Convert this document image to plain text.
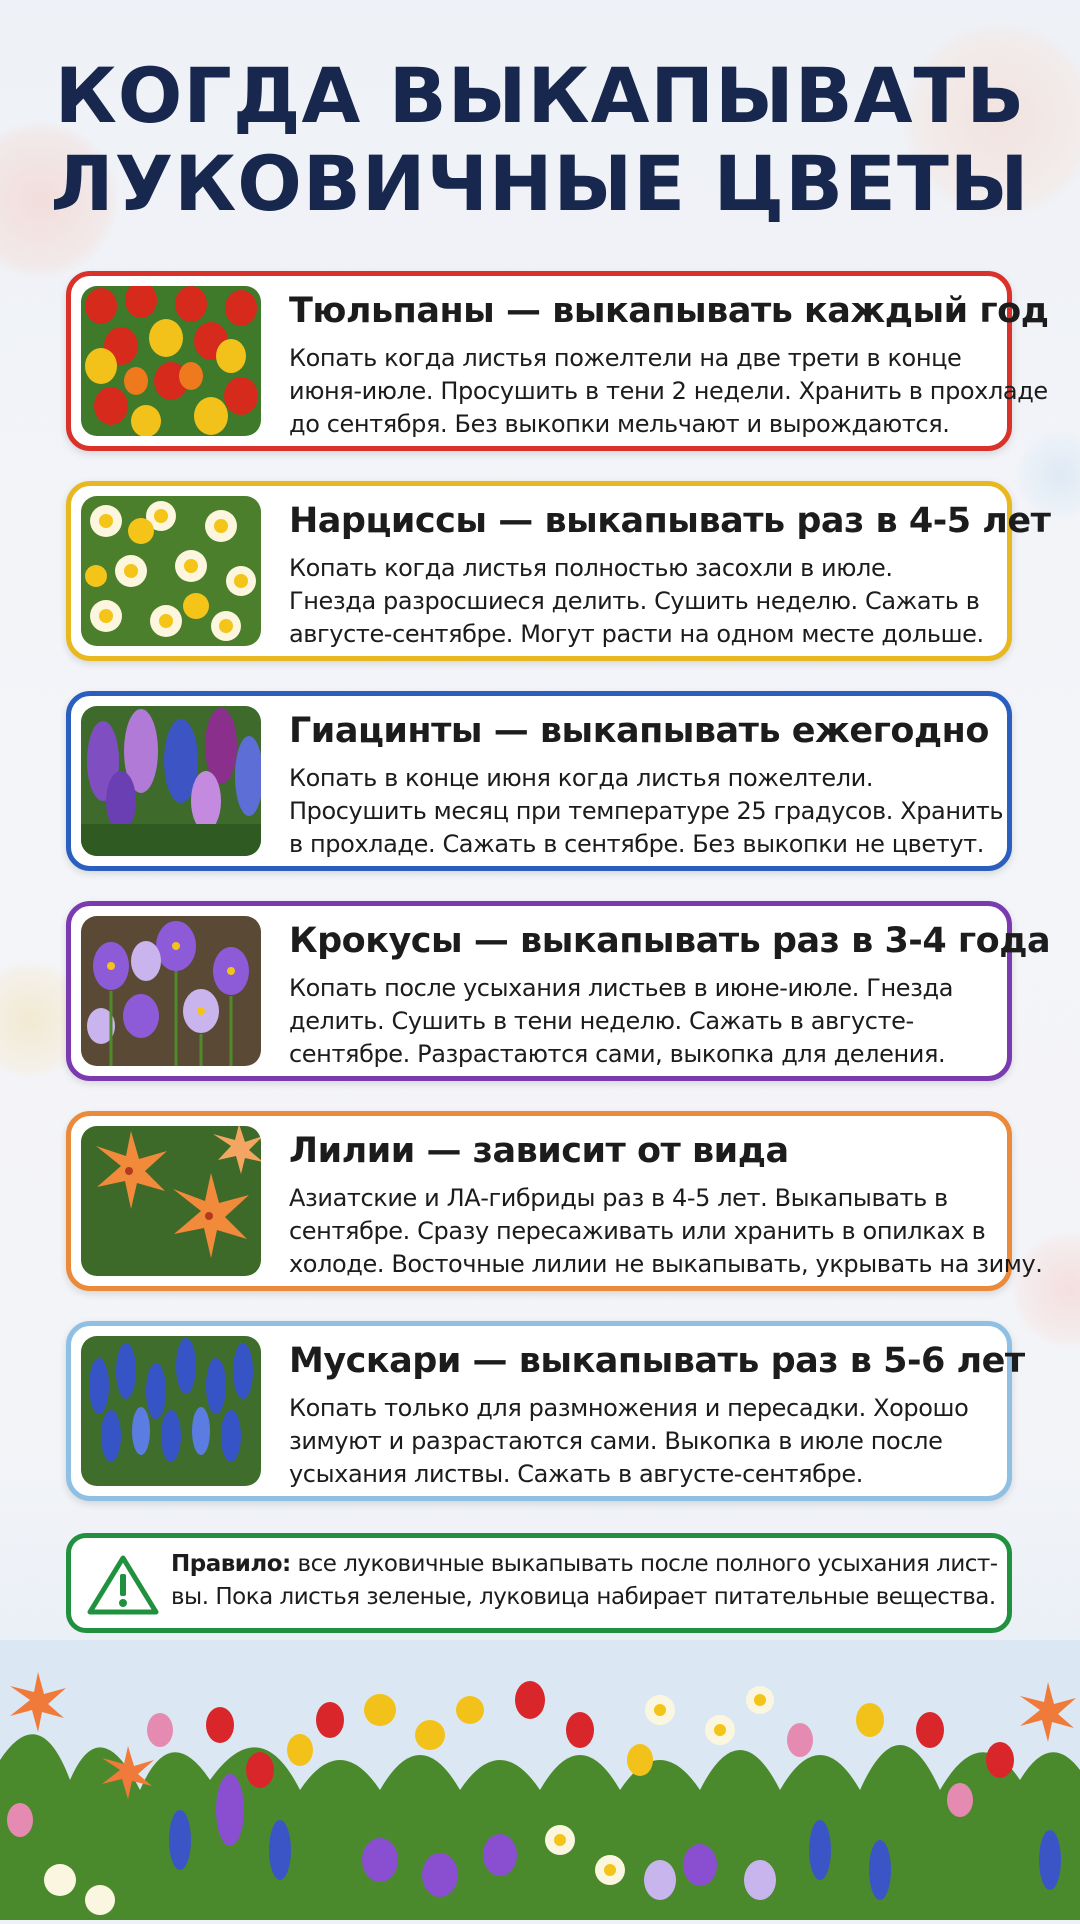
КОГДА ВЫКАПЫВАТЬ
ЛУКОВИЧНЫЕ ЦВЕТЫ
Тюльпаны — выкапывать каждый год
Копать когда листья пожелтели на две трети в конце
июня-июле. Просушить в тени 2 недели. Хранить в прохладе
до сентября. Без выкопки мельчают и вырождаются.
Нарциссы — выкапывать раз в 4-5 лет
Копать когда листья полностью засохли в июле.
Гнезда разросшиеся делить. Сушить неделю. Сажать в
августе-сентябре. Могут расти на одном месте дольше.
Гиацинты — выкапывать ежегодно
Копать в конце июня когда листья пожелтели.
Просушить месяц при температуре 25 градусов. Хранить
в прохладе. Сажать в сентябре. Без выкопки не цветут.
Крокусы — выкапывать раз в 3-4 года
Копать после усыхания листьев в июне-июле. Гнезда
делить. Сушить в тени неделю. Сажать в августе-
сентябре. Разрастаются сами, выкопка для деления.
Лилии — зависит от вида
Азиатские и ЛА-гибриды раз в 4-5 лет. Выкапывать в
сентябре. Сразу пересаживать или хранить в опилках в
холоде. Восточные лилии не выкапывать, укрывать на зиму.
Мускари — выкапывать раз в 5-6 лет
Копать только для размножения и пересадки. Хорошо
зимуют и разрастаются сами. Выкопка в июле после
усыхания листвы. Сажать в августе-сентябре.
Правило: все луковичные выкапывать после полного усыхания лист-
вы. Пока листья зеленые, луковица набирает питательные вещества.
